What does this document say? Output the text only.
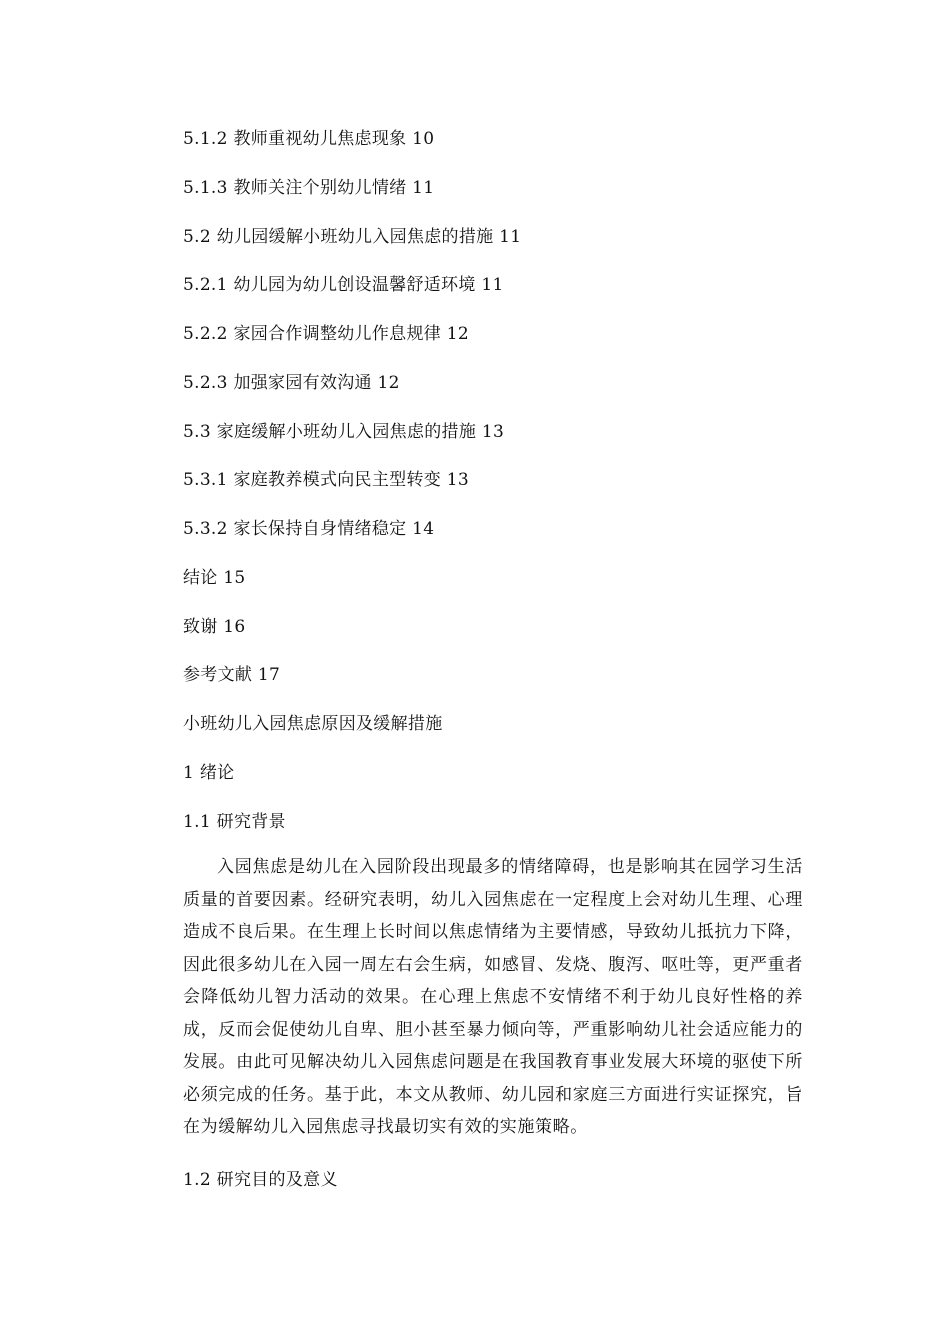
5.1.2 教师重视幼儿焦虑现象 10
5.1.3 教师关注个别幼儿情绪 11
5.2 幼儿园缓解小班幼儿入园焦虑的措施 11
5.2.1 幼儿园为幼儿创设温馨舒适环境 11
5.2.2 家园合作调整幼儿作息规律 12
5.2.3 加强家园有效沟通 12
5.3 家庭缓解小班幼儿入园焦虑的措施 13
5.3.1 家庭教养模式向民主型转变 13
5.3.2 家长保持自身情绪稳定 14
结论 15
致谢 16
参考文献 17
小班幼儿入园焦虑原因及缓解措施
1 绪论
1.1 研究背景
入园焦虑是幼儿在入园阶段出现最多的情绪障碍，也是影响其在园学习生活质量的首要因素。经研究表明，幼儿入园焦虑在一定程度上会对幼儿生理、心理造成不良后果。在生理上长时间以焦虑情绪为主要情感，导致幼儿抵抗力下降，因此很多幼儿在入园一周左右会生病，如感冒、发烧、腹泻、呕吐等，更严重者会降低幼儿智力活动的效果。在心理上焦虑不安情绪不利于幼儿良好性格的养成，反而会促使幼儿自卑、胆小甚至暴力倾向等，严重影响幼儿社会适应能力的发展。由此可见解决幼儿入园焦虑问题是在我国教育事业发展大环境的驱使下所必须完成的任务。基于此，本文从教师、幼儿园和家庭三方面进行实证探究，旨在为缓解幼儿入园焦虑寻找最切实有效的实施策略。
1.2 研究目的及意义
